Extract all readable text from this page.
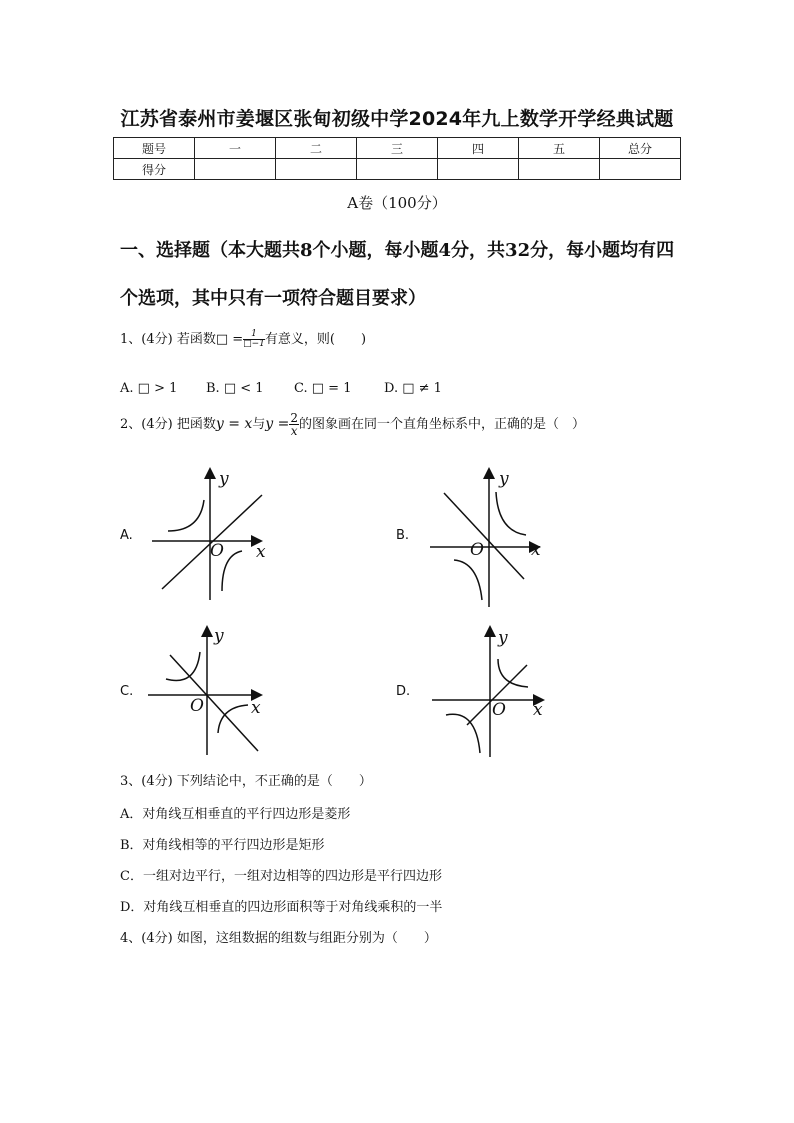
江苏省泰州市姜堰区张甸初级中学2024年九上数学开学经典试题
题号	一	二	三	四	五	总分
得分						
A卷（100分）
一、选择题（本大题共8个小题，每小题4分，共32分，每小题均有四个选项，其中只有一项符合题目要求）
1、(4分) 若函数□ = $\frac{1}{□-1}$ 有意义，则(　　)
A. □ > 1 B. □ < 1 C. □ = 1	D. □ ≠ 1
2、(4分) 把函数y = x与$y = \frac{2}{x}$ 的图象画在同一个直角坐标系中，正确的是（　）
A.	B.
C.	D.
y
x
O
y
x
O
y
x
O
y
x
O
3、(4分) 下列结论中，不正确的是（　　）
A．对角线互相垂直的平行四边形是菱形
B．对角线相等的平行四边形是矩形
C．一组对边平行，一组对边相等的四边形是平行四边形
D．对角线互相垂直的四边形面积等于对角线乘积的一半
4、(4分) 如图，这组数据的组数与组距分别为（　　）
